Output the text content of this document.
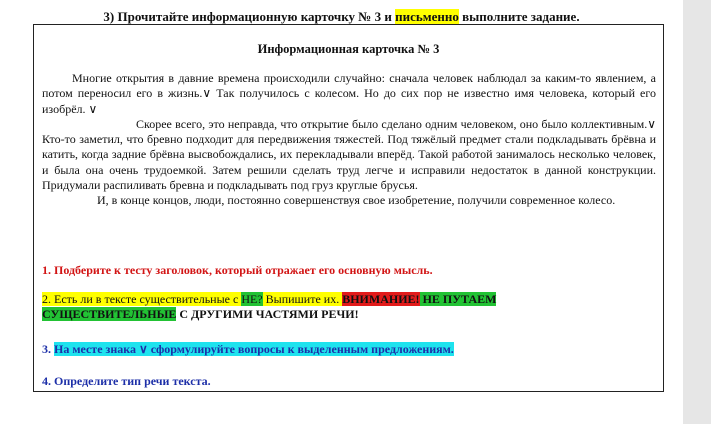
3) Прочитайте информационную карточку № 3 и письменно выполните задание.
Информационная карточка № 3

Многие открытия в давние времена происходили случайно: сначала человек наблюдал за каким-то явлением, а потом переносил его в жизнь.∨ Так получилось с колесом. Но до сих пор не известно имя человека, который его изобрёл. ∨

Скорее всего, это неправда, что открытие было сделано одним человеком, оно было коллективным.∨ Кто-то заметил, что бревно подходит для передвижения тяжестей. Под тяжёлый предмет стали подкладывать брёвна и катить, когда задние брёвна высвобождались, их перекладывали вперёд. Такой работой занималось несколько человек, и была она очень трудоемкой. Затем решили сделать труд легче и исправили недостаток в данной конструкции. Придумали распиливать бревна и подкладывать под груз круглые брусья.

И, в конце концов, люди, постоянно совершенствуя свое изобретение, получили современное колесо.

1. Подберите к тесту заголовок, который отражает его основную мысль.
2. Есть ли в тексте существительные с НЕ? Выпишите их. ВНИМАНИЕ! НЕ ПУТАЕМ
СУЩЕСТВИТЕЛЬНЫЕ С ДРУГИМИ ЧАСТЯМИ РЕЧИ!
3. На месте знака ∨ сформулируйте вопросы к выделенным предложениям.
4. Определите тип речи текста.
